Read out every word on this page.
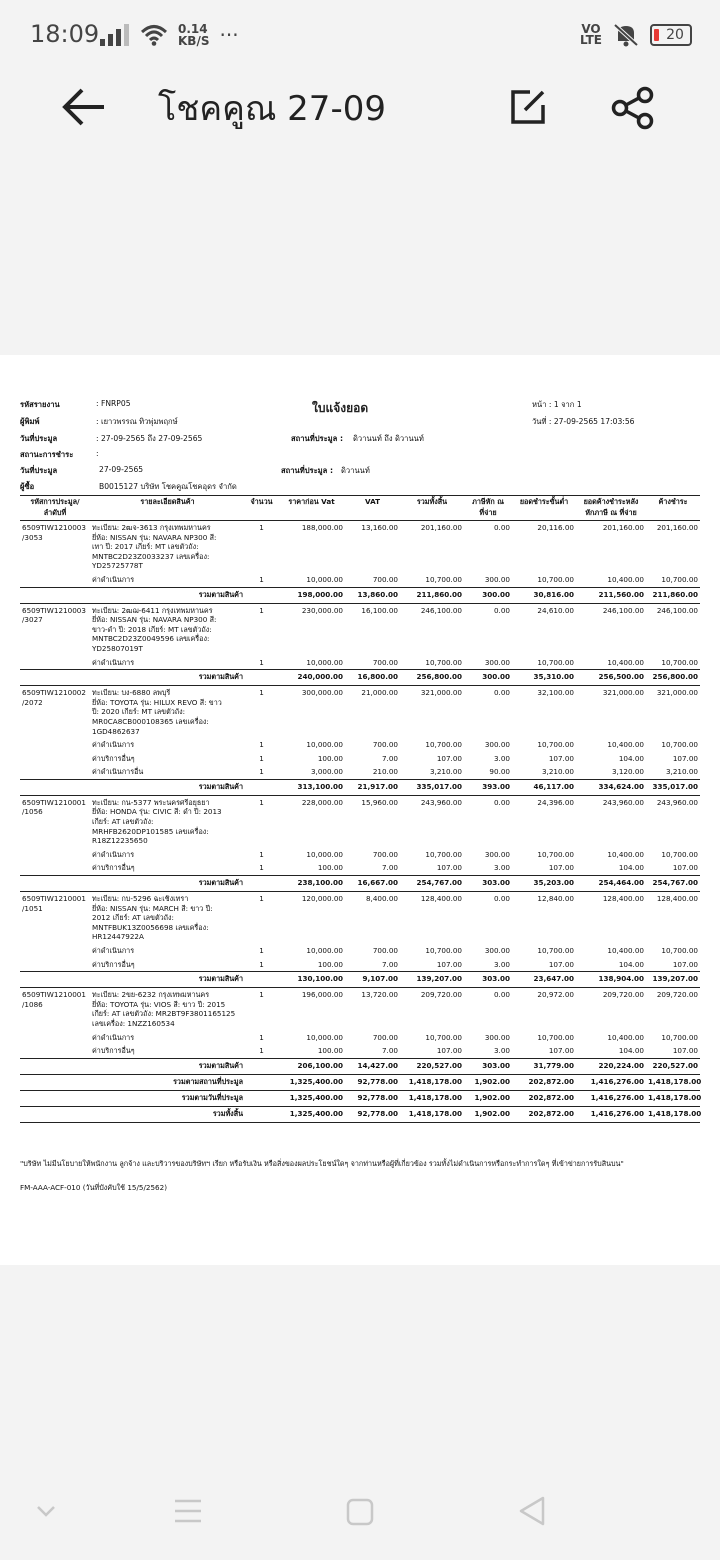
18:09	0.14
KB/S ···	VO
LTE	20
โชคคูณ 27-09
รหัสรายงาน	: FNRP05	ใบแจ้งยอด	หน้า : 1 จาก 1
ผู้พิมพ์	: เยาวพรรณ ทิวพุ่มพฤกษ์	วันที่ : 27-09-2565 17:03:56
วันที่ประมูล	: 27-09-2565 ถึง 27-09-2565	สถานที่ประมูล : ดิวานนท์ ถึง ดิวานนท์
สถานะการชำระ	:
วันที่ประมูล	27-09-2565	สถานที่ประมูล : ดิวานนท์
ผู้ซื้อ	B0015127 บริษัท โชคคูณโชคอุดร จำกัด
รหัสการประมูล/
ลำดับที่	รายละเอียดสินค้า	จำนวน	ราคาก่อน Vat	VAT	รวมทั้งสิ้น	ภาษีหัก ณ
ที่จ่าย	ยอดชำระขั้นต่ำ	ยอดค้างชำระหลัง
หักภาษี ณ ที่จ่าย	ค้างชำระ
6509TIW1210003
/3053	ทะเบียน: 2ฒจ-3613 กรุงเทพมหานคร
ยี่ห้อ: NISSAN รุ่น: NAVARA NP300 สี:
เทา ปี: 2017 เกียร์: MT เลขตัวถัง:
MNTBC2D23Z0033237 เลขเครื่อง:
YD25725778T	1	188,000.00	13,160.00	201,160.00	0.00	20,116.00	201,160.00	201,160.00
	ค่าดำเนินการ	1	10,000.00	700.00	10,700.00	300.00	10,700.00	10,400.00	10,700.00
	รวมตามสินค้า		198,000.00	13,860.00	211,860.00	300.00	30,816.00	211,560.00	211,860.00
6509TIW1210003
/3027	ทะเบียน: 2ฒฌ-6411 กรุงเทพมหานคร
ยี่ห้อ: NISSAN รุ่น: NAVARA NP300 สี:
ขาว-ดำ ปี: 2018 เกียร์: MT เลขตัวถัง:
MNTBC2D23Z0049596 เลขเครื่อง:
YD25807019T	1	230,000.00	16,100.00	246,100.00	0.00	24,610.00	246,100.00	246,100.00
	ค่าดำเนินการ	1	10,000.00	700.00	10,700.00	300.00	10,700.00	10,400.00	10,700.00
	รวมตามสินค้า		240,000.00	16,800.00	256,800.00	300.00	35,310.00	256,500.00	256,800.00
6509TIW1210002
/2072	ทะเบียน: บง-6880 ลพบุรี
ยี่ห้อ: TOYOTA รุ่น: HILUX REVO สี: ขาว
ปี: 2020 เกียร์: MT เลขตัวถัง:
MR0CA8CB000108365 เลขเครื่อง:
1GD4862637	1	300,000.00	21,000.00	321,000.00	0.00	32,100.00	321,000.00	321,000.00
	ค่าดำเนินการ	1	10,000.00	700.00	10,700.00	300.00	10,700.00	10,400.00	10,700.00
	ค่าบริการอื่นๆ	1	100.00	7.00	107.00	3.00	107.00	104.00	107.00
	ค่าดำเนินการอื่น	1	3,000.00	210.00	3,210.00	90.00	3,210.00	3,120.00	3,210.00
	รวมตามสินค้า		313,100.00	21,917.00	335,017.00	393.00	46,117.00	334,624.00	335,017.00
6509TIW1210001
/1056	ทะเบียน: กน-5377 พระนครศรีอยุธยา
ยี่ห้อ: HONDA รุ่น: CIVIC สี: ดำ ปี: 2013
เกียร์: AT เลขตัวถัง:
MRHFB2620DP101585 เลขเครื่อง:
R18Z12235650	1	228,000.00	15,960.00	243,960.00	0.00	24,396.00	243,960.00	243,960.00
	ค่าดำเนินการ	1	10,000.00	700.00	10,700.00	300.00	10,700.00	10,400.00	10,700.00
	ค่าบริการอื่นๆ	1	100.00	7.00	107.00	3.00	107.00	104.00	107.00
	รวมตามสินค้า		238,100.00	16,667.00	254,767.00	303.00	35,203.00	254,464.00	254,767.00
6509TIW1210001
/1051	ทะเบียน: กบ-5296 ฉะเชิงเทรา
ยี่ห้อ: NISSAN รุ่น: MARCH สี: ขาว ปี:
2012 เกียร์: AT เลขตัวถัง:
MNTFBUK13Z0056698 เลขเครื่อง:
HR12447922A	1	120,000.00	8,400.00	128,400.00	0.00	12,840.00	128,400.00	128,400.00
	ค่าดำเนินการ	1	10,000.00	700.00	10,700.00	300.00	10,700.00	10,400.00	10,700.00
	ค่าบริการอื่นๆ	1	100.00	7.00	107.00	3.00	107.00	104.00	107.00
	รวมตามสินค้า		130,100.00	9,107.00	139,207.00	303.00	23,647.00	138,904.00	139,207.00
6509TIW1210001
/1086	ทะเบียน: 2ขย-6232 กรุงเทพมหานคร
ยี่ห้อ: TOYOTA รุ่น: VIOS สี: ขาว ปี: 2015
เกียร์: AT เลขตัวถัง: MR2BT9F3801165125
เลขเครื่อง: 1NZZ160534	1	196,000.00	13,720.00	209,720.00	0.00	20,972.00	209,720.00	209,720.00
	ค่าดำเนินการ	1	10,000.00	700.00	10,700.00	300.00	10,700.00	10,400.00	10,700.00
	ค่าบริการอื่นๆ	1	100.00	7.00	107.00	3.00	107.00	104.00	107.00
	รวมตามสินค้า		206,100.00	14,427.00	220,527.00	303.00	31,779.00	220,224.00	220,527.00
	รวมตามสถานที่ประมูล		1,325,400.00	92,778.00	1,418,178.00	1,902.00	202,872.00	1,416,276.00	1,418,178.00
	รวมตามวันที่ประมูล		1,325,400.00	92,778.00	1,418,178.00	1,902.00	202,872.00	1,416,276.00	1,418,178.00
	รวมทั้งสิ้น		1,325,400.00	92,778.00	1,418,178.00	1,902.00	202,872.00	1,416,276.00	1,418,178.00
"บริษัท ไม่มีนโยบายให้พนักงาน ลูกจ้าง และบริวารของบริษัทฯ เรียก หรือรับเงิน หรือสิ่งของผลประโยชน์ใดๆ จากท่านหรือผู้ที่เกี่ยวข้อง รวมทั้งไม่ดำเนินการหรือกระทำการใดๆ ที่เข้าข่ายการรับสินบน"
FM-AAA-ACF-010 (วันที่บังคับใช้ 15/5/2562)
